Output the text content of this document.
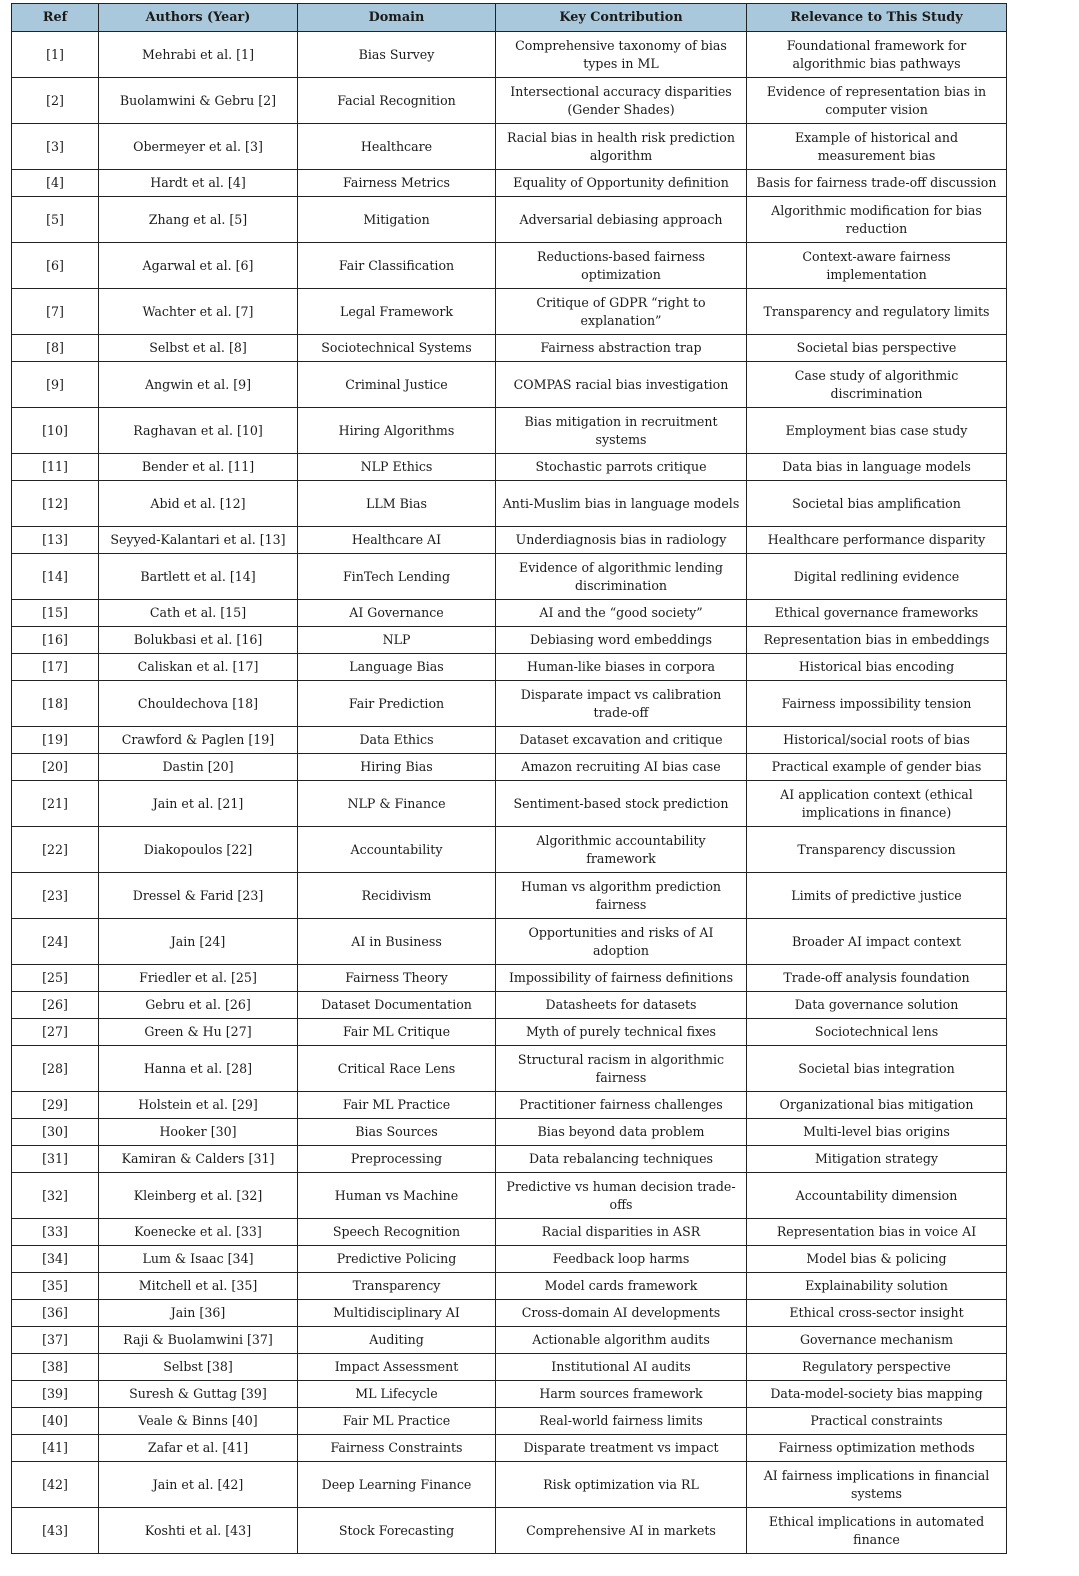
Ref	Authors (Year)	Domain	Key Contribution	Relevance to This Study
[1]	Mehrabi et al. [1]	Bias Survey	Comprehensive taxonomy of bias types in ML	Foundational framework for algorithmic bias pathways
[2]	Buolamwini & Gebru [2]	Facial Recognition	Intersectional accuracy disparities (Gender Shades)	Evidence of representation bias in computer vision
[3]	Obermeyer et al. [3]	Healthcare	Racial bias in health risk prediction algorithm	Example of historical and measurement bias
[4]	Hardt et al. [4]	Fairness Metrics	Equality of Opportunity definition	Basis for fairness trade-off discussion
[5]	Zhang et al. [5]	Mitigation	Adversarial debiasing approach	Algorithmic modification for bias reduction
[6]	Agarwal et al. [6]	Fair Classification	Reductions-based fairness optimization	Context-aware fairness implementation
[7]	Wachter et al. [7]	Legal Framework	Critique of GDPR “right to explanation”	Transparency and regulatory limits
[8]	Selbst et al. [8]	Sociotechnical Systems	Fairness abstraction trap	Societal bias perspective
[9]	Angwin et al. [9]	Criminal Justice	COMPAS racial bias investigation	Case study of algorithmic discrimination
[10]	Raghavan et al. [10]	Hiring Algorithms	Bias mitigation in recruitment systems	Employment bias case study
[11]	Bender et al. [11]	NLP Ethics	Stochastic parrots critique	Data bias in language models
[12]	Abid et al. [12]	LLM Bias	Anti-Muslim bias in language models	Societal bias amplification
[13]	Seyyed-Kalantari et al. [13]	Healthcare AI	Underdiagnosis bias in radiology	Healthcare performance disparity
[14]	Bartlett et al. [14]	FinTech Lending	Evidence of algorithmic lending discrimination	Digital redlining evidence
[15]	Cath et al. [15]	AI Governance	AI and the “good society”	Ethical governance frameworks
[16]	Bolukbasi et al. [16]	NLP	Debiasing word embeddings	Representation bias in embeddings
[17]	Caliskan et al. [17]	Language Bias	Human-like biases in corpora	Historical bias encoding
[18]	Chouldechova [18]	Fair Prediction	Disparate impact vs calibration trade-off	Fairness impossibility tension
[19]	Crawford & Paglen [19]	Data Ethics	Dataset excavation and critique	Historical/social roots of bias
[20]	Dastin [20]	Hiring Bias	Amazon recruiting AI bias case	Practical example of gender bias
[21]	Jain et al. [21]	NLP & Finance	Sentiment-based stock prediction	AI application context (ethical implications in finance)
[22]	Diakopoulos [22]	Accountability	Algorithmic accountability framework	Transparency discussion
[23]	Dressel & Farid [23]	Recidivism	Human vs algorithm prediction fairness	Limits of predictive justice
[24]	Jain [24]	AI in Business	Opportunities and risks of AI adoption	Broader AI impact context
[25]	Friedler et al. [25]	Fairness Theory	Impossibility of fairness definitions	Trade-off analysis foundation
[26]	Gebru et al. [26]	Dataset Documentation	Datasheets for datasets	Data governance solution
[27]	Green & Hu [27]	Fair ML Critique	Myth of purely technical fixes	Sociotechnical lens
[28]	Hanna et al. [28]	Critical Race Lens	Structural racism in algorithmic fairness	Societal bias integration
[29]	Holstein et al. [29]	Fair ML Practice	Practitioner fairness challenges	Organizational bias mitigation
[30]	Hooker [30]	Bias Sources	Bias beyond data problem	Multi-level bias origins
[31]	Kamiran & Calders [31]	Preprocessing	Data rebalancing techniques	Mitigation strategy
[32]	Kleinberg et al. [32]	Human vs Machine	Predictive vs human decision trade-offs	Accountability dimension
[33]	Koenecke et al. [33]	Speech Recognition	Racial disparities in ASR	Representation bias in voice AI
[34]	Lum & Isaac [34]	Predictive Policing	Feedback loop harms	Model bias & policing
[35]	Mitchell et al. [35]	Transparency	Model cards framework	Explainability solution
[36]	Jain [36]	Multidisciplinary AI	Cross-domain AI developments	Ethical cross-sector insight
[37]	Raji & Buolamwini [37]	Auditing	Actionable algorithm audits	Governance mechanism
[38]	Selbst [38]	Impact Assessment	Institutional AI audits	Regulatory perspective
[39]	Suresh & Guttag [39]	ML Lifecycle	Harm sources framework	Data-model-society bias mapping
[40]	Veale & Binns [40]	Fair ML Practice	Real-world fairness limits	Practical constraints
[41]	Zafar et al. [41]	Fairness Constraints	Disparate treatment vs impact	Fairness optimization methods
[42]	Jain et al. [42]	Deep Learning Finance	Risk optimization via RL	AI fairness implications in financial systems
[43]	Koshti et al. [43]	Stock Forecasting	Comprehensive AI in markets	Ethical implications in automated finance
